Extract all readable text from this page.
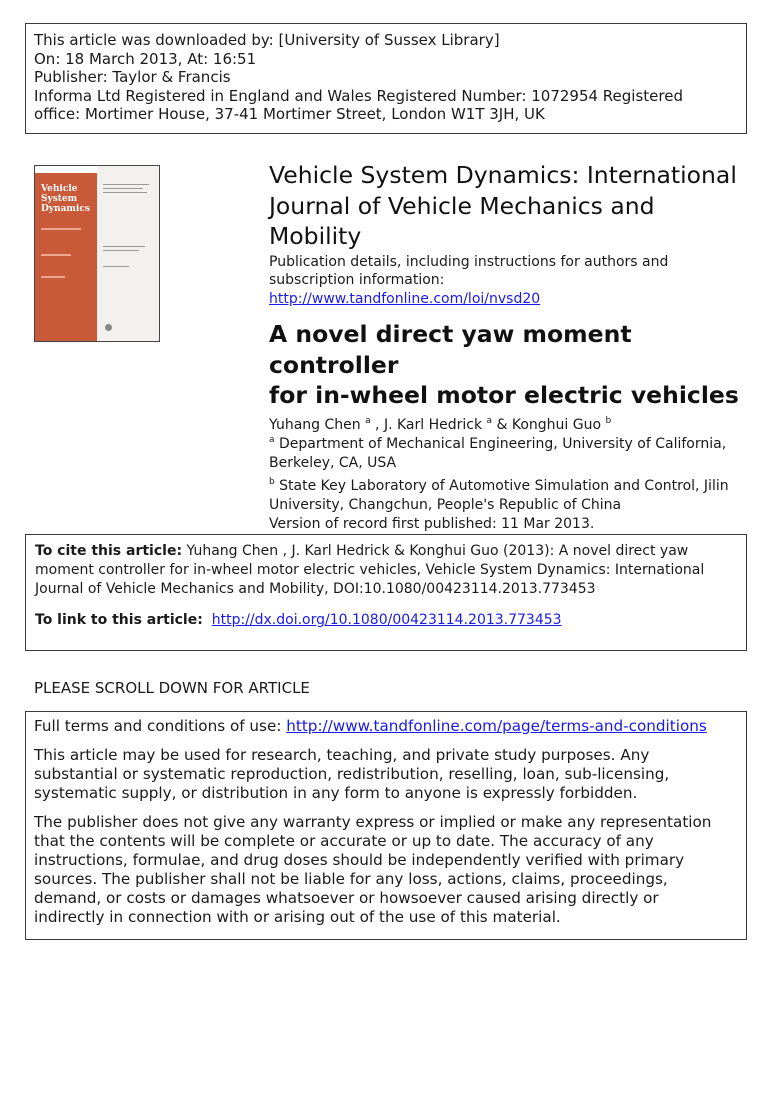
This article was downloaded by: [University of Sussex Library]
On: 18 March 2013, At: 16:51
Publisher: Taylor & Francis
Informa Ltd Registered in England and Wales Registered Number: 1072954 Registered
office: Mortimer House, 37-41 Mortimer Street, London W1T 3JH, UK
Vehicle
System
Dynamics
Vehicle System Dynamics: International
Journal of Vehicle Mechanics and
Mobility
Publication details, including instructions for authors and
subscription information:
http://www.tandfonline.com/loi/nvsd20
A novel direct yaw moment controller
for in-wheel motor electric vehicles
Yuhang Chen $^a$ , J. Karl Hedrick $^a$ & Konghui Guo $^b$
$^a$ Department of Mechanical Engineering, University of California,
Berkeley, CA, USA
$^b$ State Key Laboratory of Automotive Simulation and Control, Jilin
University, Changchun, People's Republic of China
Version of record first published: 11 Mar 2013.
To cite this article: Yuhang Chen , J. Karl Hedrick & Konghui Guo (2013): A novel direct yaw
moment controller for in-wheel motor electric vehicles, Vehicle System Dynamics: International
Journal of Vehicle Mechanics and Mobility, DOI:10.1080/00423114.2013.773453
To link to this article: http://dx.doi.org/10.1080/00423114.2013.773453
PLEASE SCROLL DOWN FOR ARTICLE

Full terms and conditions of use: http://www.tandfonline.com/page/terms-and-conditions

This article may be used for research, teaching, and private study purposes. Any
substantial or systematic reproduction, redistribution, reselling, loan, sub-licensing,
systematic supply, or distribution in any form to anyone is expressly forbidden.

The publisher does not give any warranty express or implied or make any representation
that the contents will be complete or accurate or up to date. The accuracy of any
instructions, formulae, and drug doses should be independently verified with primary
sources. The publisher shall not be liable for any loss, actions, claims, proceedings,
demand, or costs or damages whatsoever or howsoever caused arising directly or
indirectly in connection with or arising out of the use of this material.
